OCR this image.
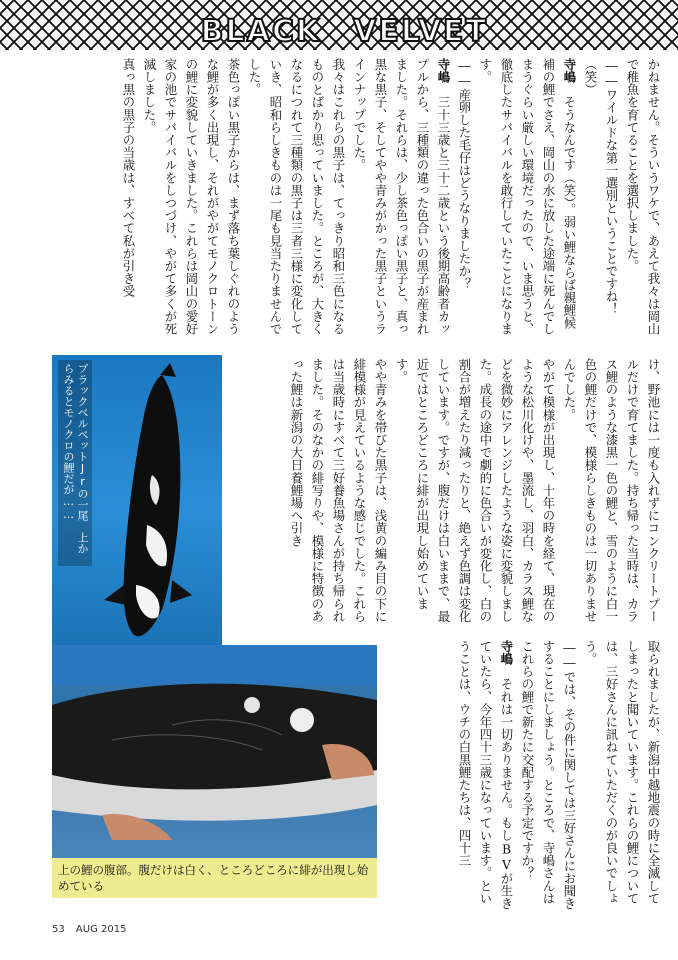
BLACK　VELVET

かねません。そういうワケで、あえて我々は岡山で稚魚を育てることを選択しました。

――ワイルドな第一選別ということですね！（笑）

寺嶋　そうなんです（笑）。弱い鯉ならば親鯉候補の鯉でさえ、岡山の水に放した途端に死んでしまうぐらい厳しい環境だったので、いま思うと、徹底したサバイバルを敢行していたことになります。

――産卵した毛仔はどうなりましたか？

寺嶋　三十三歳と三十二歳という後期高齢者カップルから、三種類の違った色合いの黒子が産まれました。それらは、少し茶色っぽい黒子と、真っ黒な黒子、そしてやや青みがかった黒子というラインナップでした。

我々はこれらの黒子は、てっきり昭和三色になるものとばかり思っていました。ところが、大きくなるにつれて三種類の黒子は三者三様に変化していき、昭和らしきものは一尾も見当たりませんでした。

茶色っぽい黒子からは、まず落ち葉しぐれのような鯉が多く出現し、それがやがてモノクロトーンの鯉に変貌していきました。これらは岡山の愛好家の池でサバイバルをしつづけ、やがて多くが死滅しました。

真っ黒の黒子の当歳は、すべて私が引き受

け、野池には一度も入れずにコンクリートプールだけで育てました。持ち帰った当時は、カラス鯉のような漆黒一色の鯉と、雪のように白一色の鯉だけで、模様らしきものは一切ありませんでした。

やがて模様が出現し、十年の時を経て、現在のような松川化けや、墨流し、羽白、カラス鯉などを微妙にアレンジしたような姿に変貌しました。成長の途中で劇的に色合いが変化し、白の割合が増えたり減ったりと、絶えず色調は変化しています。ですが、腹だけは白いままで、最近ではところどころに緋が出現し始めています。

やや青みを帯びた黒子は、浅黄の編み目の下に緋模様が見えているような感じでした。これらは当歳時にすべて三好養魚場さんが持ち帰られました。そのなかの緋写りや、模様に特徴のあった鯉は新潟の大日養鯉場へ引き

取られましたが、新潟中越地震の時に全滅してしまったと聞いています。これらの鯉については、三好さんに訊ねていただくのが良いでしょう。

――では、その件に関しては三好さんにお聞きすることにしましょう。ところで、寺嶋さんはこれらの鯉で新たに交配する予定ですか？

寺嶋　それは一切ありません。もしBVが生きていたら、今年四十三歳になっています。ということは、ウチの白黒鯉たちは、四十三

ブラックベルベットJrの一尾　上からみるとモノクロの鯉だが……
上の鯉の腹部。腹だけは白く、ところどころに緋が出現し始めている
53 AUG 2015
